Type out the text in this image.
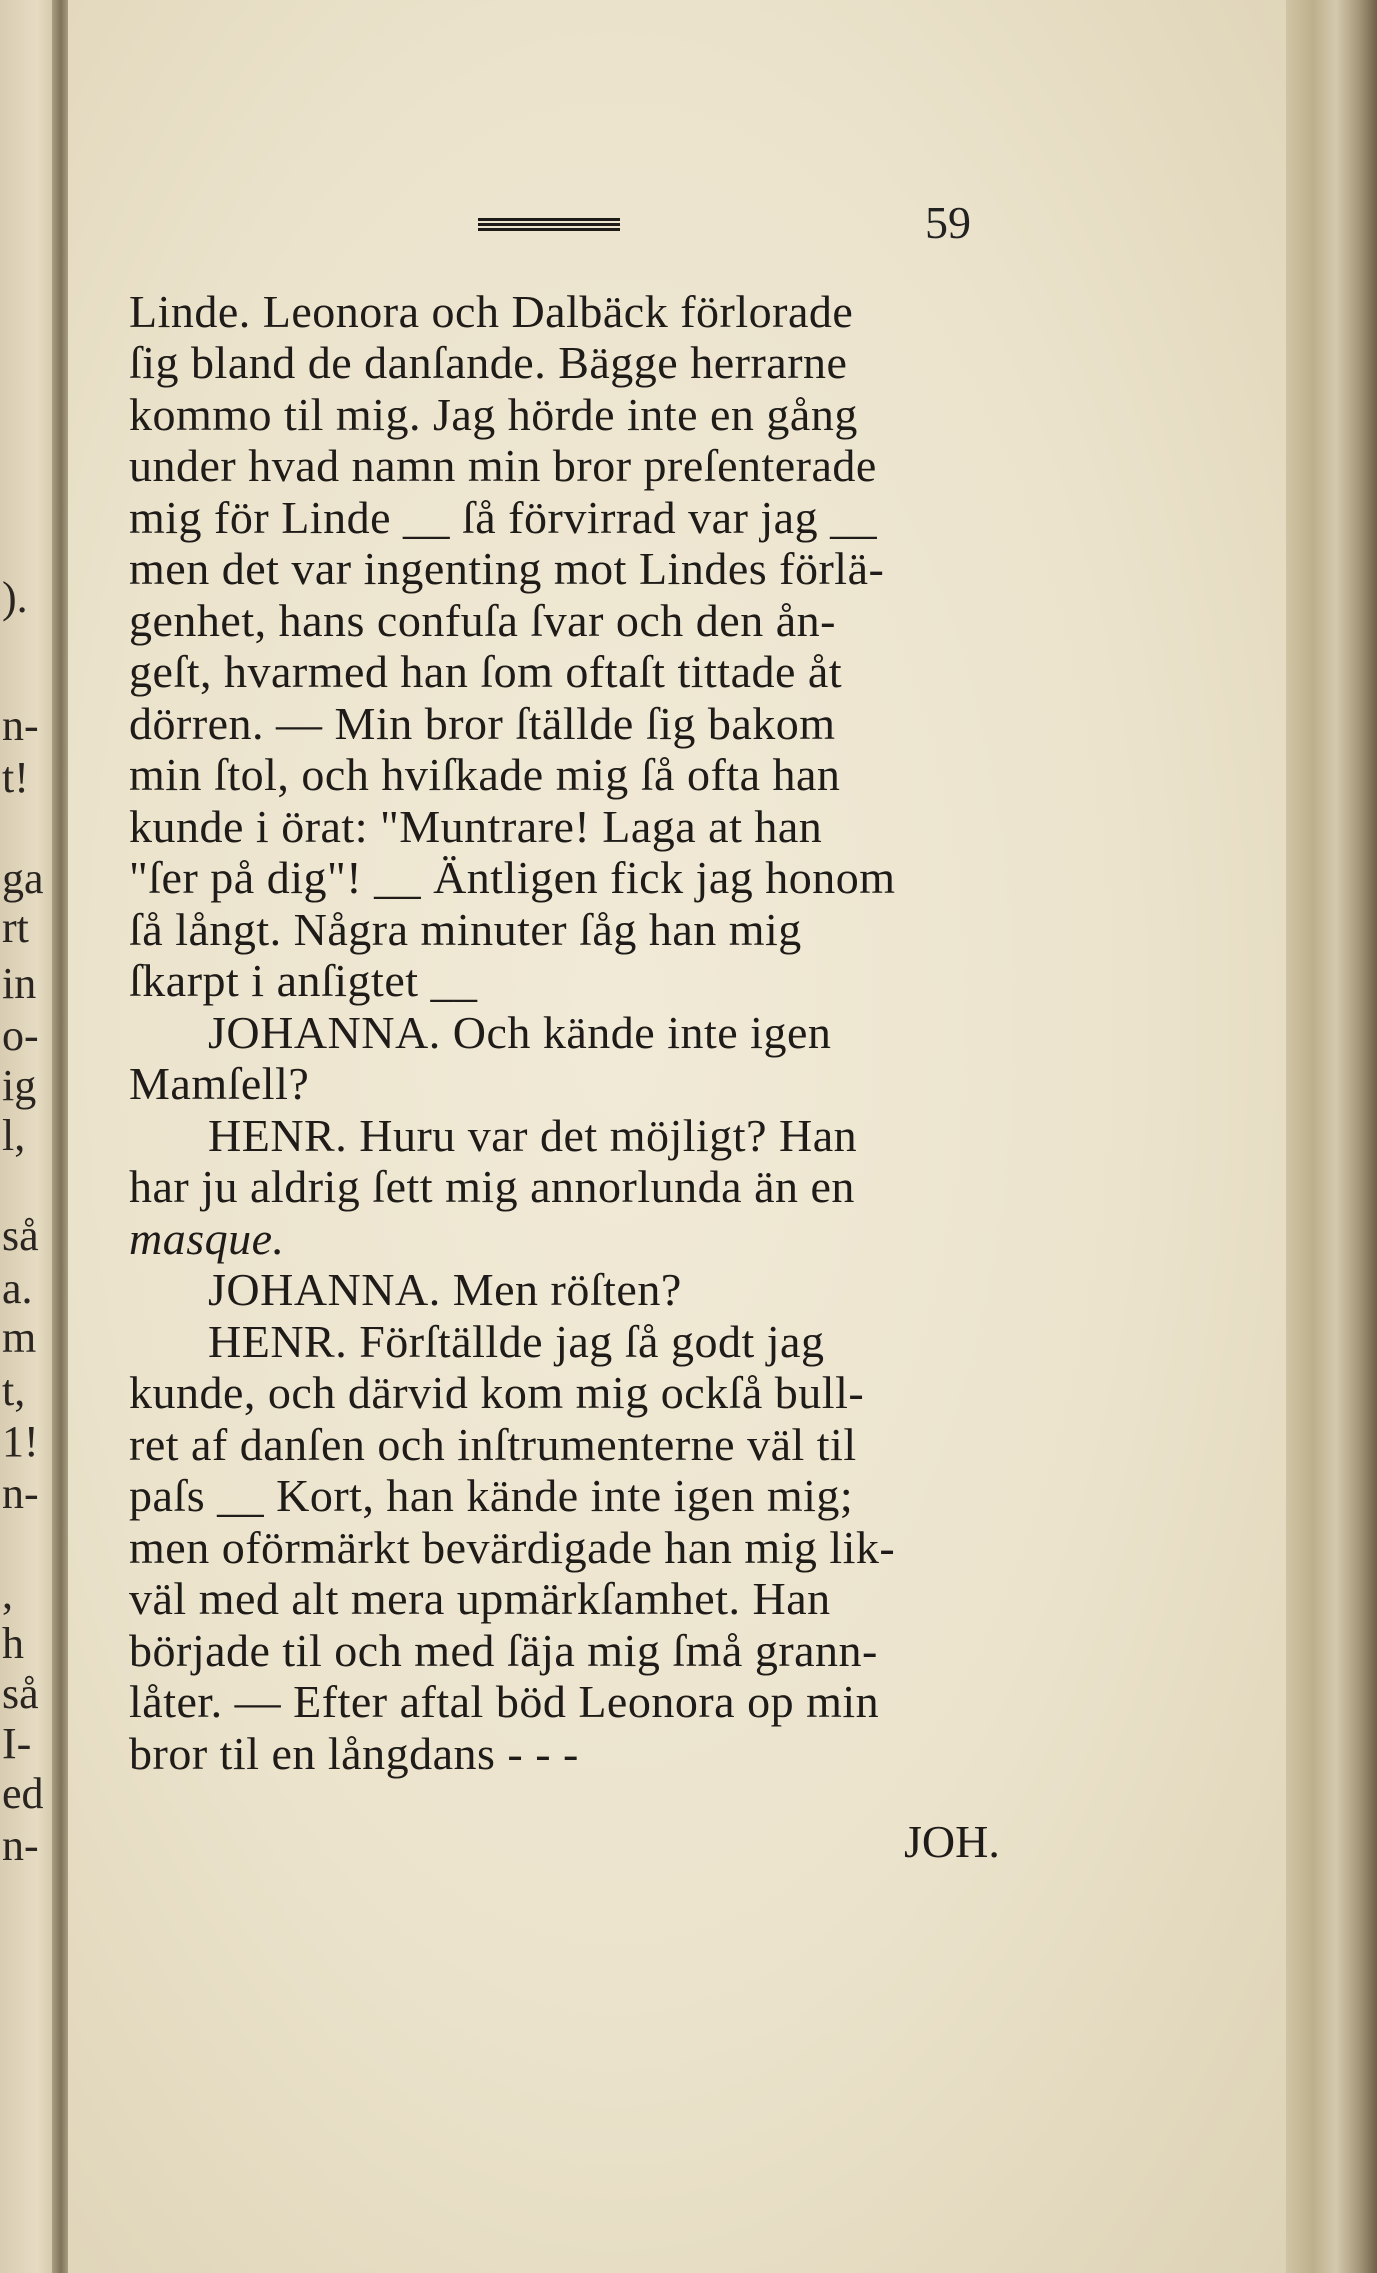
).
n-
t!
ga
rt
in
o-
ig
l,
så
a.
m
t,
1!
n-
,
h
så
I-
ed
n-
59
Linde. Leonora och Dalbäck förlorade
ſig bland de danſande. Bägge herrarne
kommo til mig. Jag hörde inte en gång
under hvad namn min bror preſenterade
mig för Linde __ ſå förvirrad var jag __
men det var ingenting mot Lindes förlä-
genhet, hans confuſa ſvar och den ån-
geſt, hvarmed han ſom oftaſt tittade åt
dörren. — Min bror ſtällde ſig bakom
min ſtol, och hviſkade mig ſå ofta han
kunde i örat: "Muntrare! Laga at han
"ſer på dig"! __ Äntligen fick jag honom
ſå långt. Några minuter ſåg han mig
ſkarpt i anſigtet __
JOHANNA. Och kände inte igen
Mamſell?
HENR. Huru var det möjligt? Han
har ju aldrig ſett mig annorlunda än en
masque.
JOHANNA. Men röſten?
HENR. Förſtällde jag ſå godt jag
kunde, och därvid kom mig ockſå bull-
ret af danſen och inſtrumenterne väl til
paſs __ Kort, han kände inte igen mig;
men oförmärkt bevärdigade han mig lik-
väl med alt mera upmärkſamhet. Han
började til och med ſäja mig ſmå grann-
låter. — Efter aftal böd Leonora op min
bror til en långdans - - -
JOH.
